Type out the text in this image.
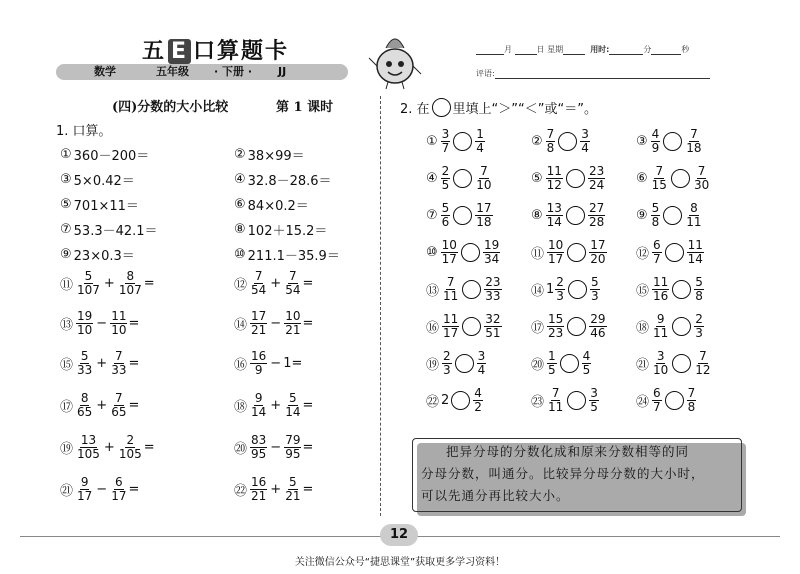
五 E 口算题卡
数学	五年级 · 下册 · JJ
月	日 星期	用时:	分	秒
评语:
(四)分数的大小比较	第 1 课时
1. 口算。
① 360－200＝	② 38×99＝
③ 5×0.42＝	④ 32.8－28.6＝
⑤ 701×11＝	⑥ 84×0.2＝
⑦ 53.3－42.1＝	⑧ 102＋15.2＝
⑨ 23×0.3＝	⑩ 211.1－35.9＝
⑪ $\frac{5}{107} + \frac{8}{107}$ =	⑫ $\frac{7}{54} + \frac{7}{54}$ =
⑬ $\frac{19}{10} - \frac{11}{10}$ =	⑭ $\frac{17}{21} - \frac{10}{21}$ =
⑮ $\frac{5}{33} + \frac{7}{33}$ =	⑯ $\frac{16}{9} - 1$ =
⑰ $\frac{8}{65} + \frac{7}{65}$ =	⑱ $\frac{9}{14} + \frac{5}{14}$ =
⑲ $\frac{13}{105} + \frac{2}{105}$ =	⑳ $\frac{83}{95} - \frac{79}{95}$ =
㉑ $\frac{9}{17} - \frac{6}{17}$ =	㉒ $\frac{16}{21} + \frac{5}{21}$ =
2. 在 里填上“＞”“＜”或“＝”。
① $\frac{3}{7} \frac{1}{4}$	② $\frac{7}{8} \frac{3}{4}$	③ $\frac{4}{9} \frac{7}{18}$
④ $\frac{2}{5} \frac{7}{10}$	⑤ $\frac{11}{12} \frac{23}{24}$ ⑥ $\frac{7}{15} \frac{7}{30}$
⑦ $\frac{5}{6} \frac{17}{18}$	⑧ $\frac{13}{14} \frac{27}{28}$ ⑨ $\frac{5}{8} \frac{8}{11}$
⑩ $\frac{10}{17} \frac{19}{34}$ ⑪ $\frac{10}{17} \frac{17}{20}$ ⑫ $\frac{6}{7} \frac{11}{14}$
⑬ $\frac{7}{11} \frac{23}{33}$ ⑭ $1 \frac{2}{3} \frac{5}{3}$	⑮ $\frac{11}{16} \frac{5}{8}$
⑯ $\frac{11}{17} \frac{32}{51}$ ⑰ $\frac{15}{23} \frac{29}{46}$ ⑱ $\frac{9}{11} \frac{2}{3}$
⑲ $\frac{2}{3} \frac{3}{4}$	⑳ $\frac{1}{5} \frac{4}{5}$	㉑ $\frac{3}{10} \frac{7}{12}$
㉒ $2 \frac{4}{2}$	㉓ $\frac{7}{11} \frac{3}{5}$	㉔ $\frac{6}{7} \frac{7}{8}$
把异分母的分数化成和原来分数相等的同
分母分数，叫通分。比较异分母分数的大小时，
可以先通分再比较大小。
12
关注微信公众号“捷思课堂”获取更多学习资料！
